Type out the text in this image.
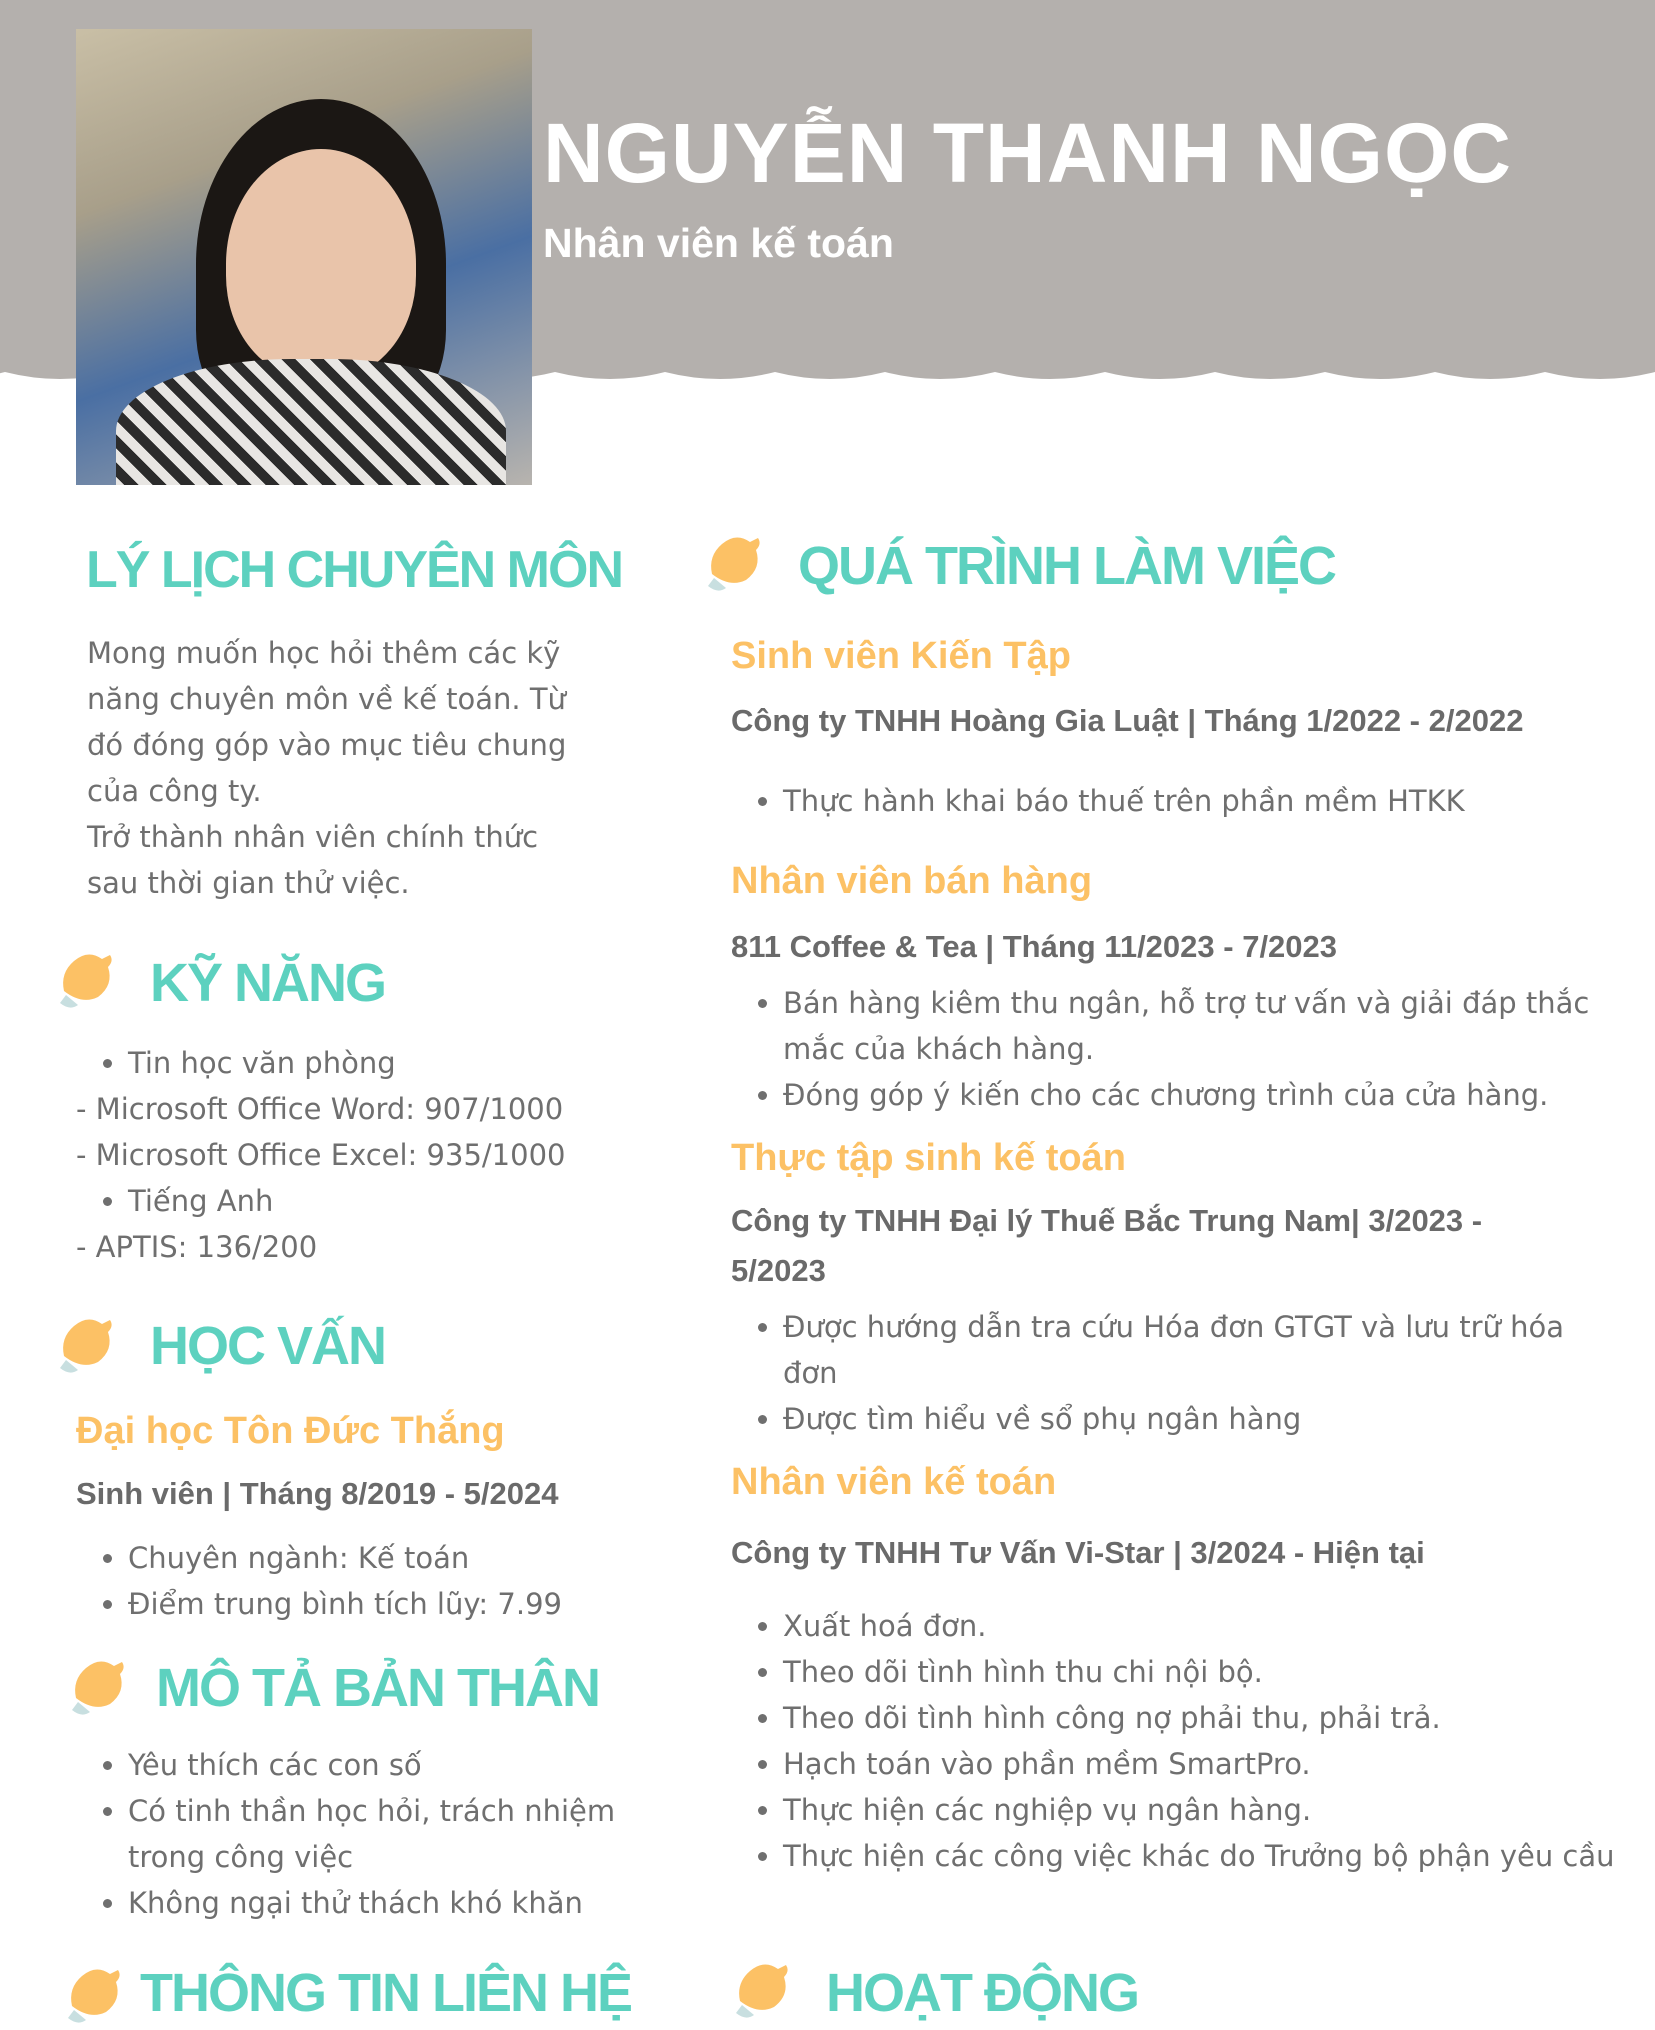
NGUYỄN THANH NGỌC
Nhân viên kế toán
LÝ LỊCH CHUYÊN MÔN
Mong muốn học hỏi thêm các kỹ
năng chuyên môn về kế toán. Từ
đó đóng góp vào mục tiêu chung
của công ty.
Trở thành nhân viên chính thức
sau thời gian thử việc.
KỸ NĂNG
• Tin học văn phòng

- Microsoft Office Word: 907/1000

- Microsoft Office Excel: 935/1000

• Tiếng Anh

- APTIS: 136/200

HỌC VẤN

Đại học Tôn Đức Thắng

Sinh viên | Tháng 8/2019 - 5/2024

• Chuyên ngành: Kế toán
• Điểm trung bình tích lũy: 7.99
MÔ TẢ BẢN THÂN
• Yêu thích các con số
• Có tinh thần học hỏi, trách nhiệm trong công việc
• Không ngại thử thách khó khăn
THÔNG TIN LIÊN HỆ
QUÁ TRÌNH LÀM VIỆC

Sinh viên Kiến Tập

Công ty TNHH Hoàng Gia Luật | Tháng 1/2022 - 2/2022

• Thực hành khai báo thuế trên phần mềm HTKK

Nhân viên bán hàng

811 Coffee & Tea | Tháng 11/2023 - 7/2023

• Bán hàng kiêm thu ngân, hỗ trợ tư vấn và giải đáp thắc mắc của khách hàng.
• Đóng góp ý kiến cho các chương trình của cửa hàng.

Thực tập sinh kế toán

Công ty TNHH Đại lý Thuế Bắc Trung Nam| 3/2023 - 5/2023

• Được hướng dẫn tra cứu Hóa đơn GTGT và lưu trữ hóa đơn
• Được tìm hiểu về sổ phụ ngân hàng

Nhân viên kế toán

Công ty TNHH Tư Vấn Vi-Star | 3/2024 - Hiện tại

• Xuất hoá đơn.
• Theo dõi tình hình thu chi nội bộ.
• Theo dõi tình hình công nợ phải thu, phải trả.
• Hạch toán vào phần mềm SmartPro.
• Thực hiện các nghiệp vụ ngân hàng.
• Thực hiện các công việc khác do Trưởng bộ phận yêu cầu
HOẠT ĐỘNG
